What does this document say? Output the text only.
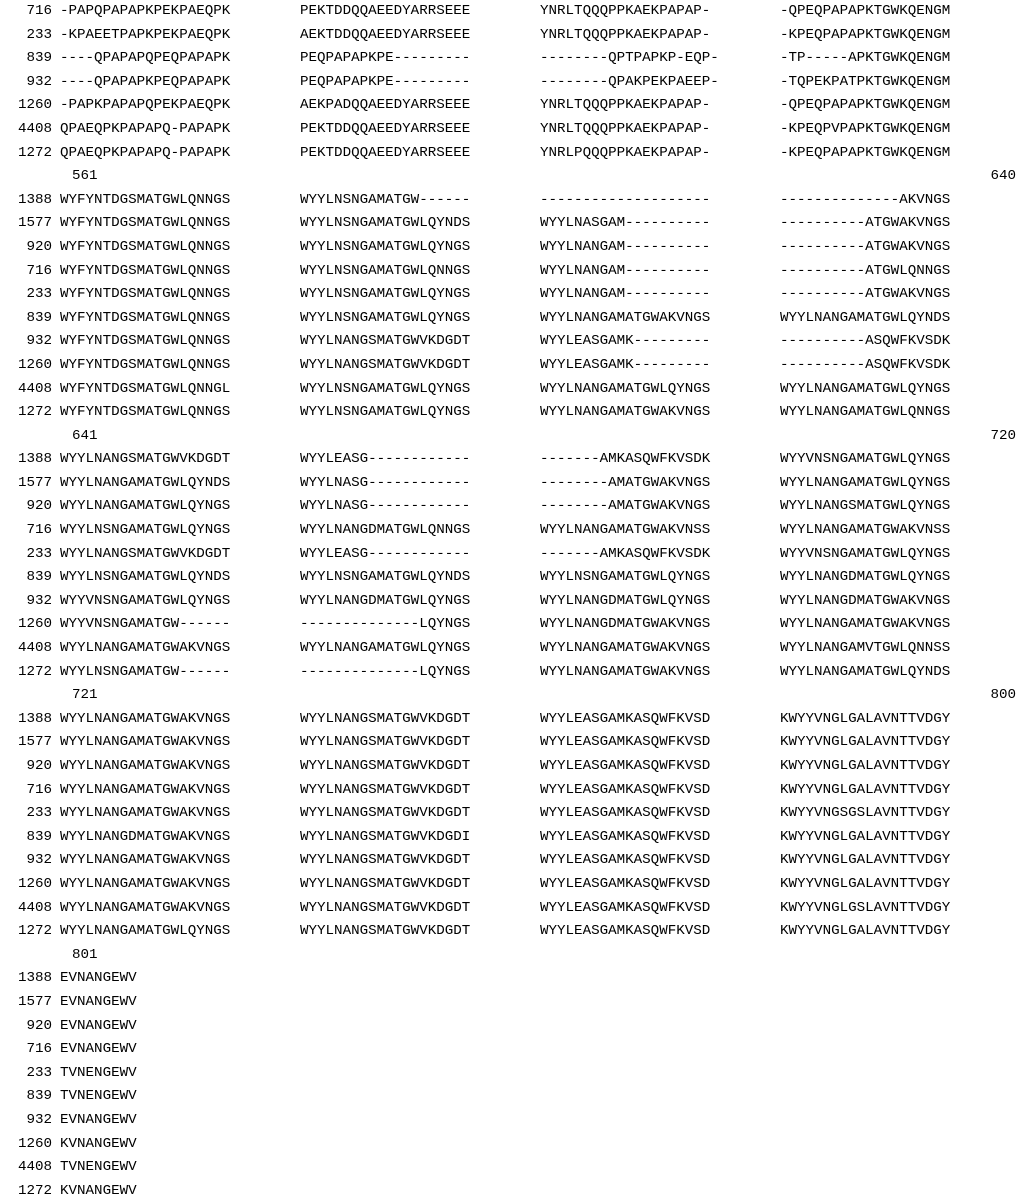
716 -PAPQPAPAPKPEKPAEQPK	PEKTDDQQAEEDYARRSEEE	YNRLTQQQPPKAEKPAPAP-	-QPEQPAPAPKTGWKQENGM
233 -KPAEETPAPKPEKPAEQPK	AEKTDDQQAEEDYARRSEEE	YNRLTQQQPPKAEKPAPAP-	-KPEQPAPAPKTGWKQENGM
839 ----QPAPAPQPEQPAPAPK	PEQPAPAPKPE---------	--------QPTPAPKP-EQP-	-TP-----APKTGWKQENGM
932 ----QPAPAPKPEQPAPAPK	PEQPAPAPKPE---------	--------QPAKPEKPAEEP-	-TQPEKPATPKTGWKQENGM
1260 -PAPKPAPAPQPEKPAEQPK	AEKPADQQAEEDYARRSEEE	YNRLTQQQPPKAEKPAPAP-	-QPEQPAPAPKTGWKQENGM
4408 QPAEQPKPAPAPQ-PAPAPK	PEKTDDQQAEEDYARRSEEE	YNRLTQQQPPKAEKPAPAP-	-KPEQPVPAPKTGWKQENGM
1272 QPAEQPKPAPAPQ-PAPAPK	PEKTDDQQAEEDYARRSEEE	YNRLPQQQPPKAEKPAPAP-	-KPEQPAPAPKTGWKQENGM
561	640
1388 WYFYNTDGSMATGWLQNNGS	WYYLNSNGAMATGW------	--------------------	--------------AKVNGS
1577 WYFYNTDGSMATGWLQNNGS	WYYLNSNGAMATGWLQYNDS	WYYLNASGAM----------	----------ATGWAKVNGS
920 WYFYNTDGSMATGWLQNNGS	WYYLNSNGAMATGWLQYNGS	WYYLNANGAM----------	----------ATGWAKVNGS
716 WYFYNTDGSMATGWLQNNGS	WYYLNSNGAMATGWLQNNGS	WYYLNANGAM----------	----------ATGWLQNNGS
233 WYFYNTDGSMATGWLQNNGS	WYYLNSNGAMATGWLQYNGS	WYYLNANGAM----------	----------ATGWAKVNGS
839 WYFYNTDGSMATGWLQNNGS	WYYLNSNGAMATGWLQYNGS	WYYLNANGAMATGWAKVNGS	WYYLNANGAMATGWLQYNDS
932 WYFYNTDGSMATGWLQNNGS	WYYLNANGSMATGWVKDGDT	WYYLEASGAMK---------	----------ASQWFKVSDK
1260 WYFYNTDGSMATGWLQNNGS	WYYLNANGSMATGWVKDGDT	WYYLEASGAMK---------	----------ASQWFKVSDK
4408 WYFYNTDGSMATGWLQNNGL	WYYLNSNGAMATGWLQYNGS	WYYLNANGAMATGWLQYNGS	WYYLNANGAMATGWLQYNGS
1272 WYFYNTDGSMATGWLQNNGS	WYYLNSNGAMATGWLQYNGS	WYYLNANGAMATGWAKVNGS	WYYLNANGAMATGWLQNNGS
641	720
1388 WYYLNANGSMATGWVKDGDT	WYYLEASG------------	-------AMKASQWFKVSDK	WYYVNSNGAMATGWLQYNGS
1577 WYYLNANGAMATGWLQYNDS	WYYLNASG------------	--------AMATGWAKVNGS	WYYLNANGAMATGWLQYNGS
920 WYYLNANGAMATGWLQYNGS	WYYLNASG------------	--------AMATGWAKVNGS	WYYLNANGSMATGWLQYNGS
716 WYYLNSNGAMATGWLQYNGS	WYYLNANGDMATGWLQNNGS	WYYLNANGAMATGWAKVNSS	WYYLNANGAMATGWAKVNSS
233 WYYLNANGSMATGWVKDGDT	WYYLEASG------------	-------AMKASQWFKVSDK	WYYVNSNGAMATGWLQYNGS
839 WYYLNSNGAMATGWLQYNDS	WYYLNSNGAMATGWLQYNDS	WYYLNSNGAMATGWLQYNGS	WYYLNANGDMATGWLQYNGS
932 WYYVNSNGAMATGWLQYNGS	WYYLNANGDMATGWLQYNGS	WYYLNANGDMATGWLQYNGS	WYYLNANGDMATGWAKVNGS
1260 WYYVNSNGAMATGW------	--------------LQYNGS	WYYLNANGDMATGWAKVNGS	WYYLNANGAMATGWAKVNGS
4408 WYYLNANGAMATGWAKVNGS	WYYLNANGAMATGWLQYNGS	WYYLNANGAMATGWAKVNGS	WYYLNANGAMVTGWLQNNSS
1272 WYYLNSNGAMATGW------	--------------LQYNGS	WYYLNANGAMATGWAKVNGS	WYYLNANGAMATGWLQYNDS
721	800
1388 WYYLNANGAMATGWAKVNGS	WYYLNANGSMATGWVKDGDT	WYYLEASGAMKASQWFKVSD	KWYYVNGLGALAVNTTVDGY
1577 WYYLNANGAMATGWAKVNGS	WYYLNANGSMATGWVKDGDT	WYYLEASGAMKASQWFKVSD	KWYYVNGLGALAVNTTVDGY
920 WYYLNANGAMATGWAKVNGS	WYYLNANGSMATGWVKDGDT	WYYLEASGAMKASQWFKVSD	KWYYVNGLGALAVNTTVDGY
716 WYYLNANGAMATGWAKVNGS	WYYLNANGSMATGWVKDGDT	WYYLEASGAMKASQWFKVSD	KWYYVNGLGALAVNTTVDGY
233 WYYLNANGAMATGWAKVNGS	WYYLNANGSMATGWVKDGDT	WYYLEASGAMKASQWFKVSD	KWYYVNGSGSLAVNTTVDGY
839 WYYLNANGDMATGWAKVNGS	WYYLNANGSMATGWVKDGDI	WYYLEASGAMKASQWFKVSD	KWYYVNGLGALAVNTTVDGY
932 WYYLNANGAMATGWAKVNGS	WYYLNANGSMATGWVKDGDT	WYYLEASGAMKASQWFKVSD	KWYYVNGLGALAVNTTVDGY
1260 WYYLNANGAMATGWAKVNGS	WYYLNANGSMATGWVKDGDT	WYYLEASGAMKASQWFKVSD	KWYYVNGLGALAVNTTVDGY
4408 WYYLNANGAMATGWAKVNGS	WYYLNANGSMATGWVKDGDT	WYYLEASGAMKASQWFKVSD	KWYYVNGLGSLAVNTTVDGY
1272 WYYLNANGAMATGWLQYNGS	WYYLNANGSMATGWVKDGDT	WYYLEASGAMKASQWFKVSD	KWYYVNGLGALAVNTTVDGY
801
1388 EVNANGEWV
1577 EVNANGEWV
920 EVNANGEWV
716 EVNANGEWV
233 TVNENGEWV
839 TVNENGEWV
932 EVNANGEWV
1260 KVNANGEWV
4408 TVNENGEWV
1272 KVNANGEWV
